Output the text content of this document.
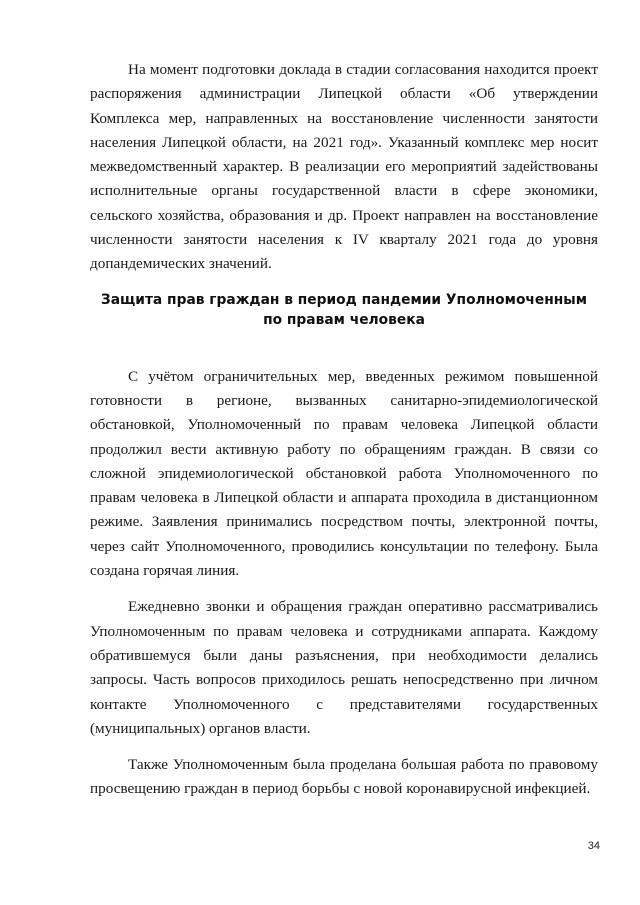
На момент подготовки доклада в стадии согласования находится проект распоряжения администрации Липецкой области «Об утверждении Комплекса мер, направленных на восстановление численности занятости населения Липецкой области, на 2021 год». Указанный комплекс мер носит межведомственный характер. В реализации его мероприятий задействованы исполнительные органы государственной власти в сфере экономики, сельского хозяйства, образования и др. Проект направлен на восстановление численности занятости населения к IV кварталу 2021 года до уровня допандемических значений.

Защита прав граждан в период пандемии Уполномоченным по правам человека

С учётом ограничительных мер, введенных режимом повышенной готовности в регионе, вызванных санитарно-эпидемиологической обстановкой, Уполномоченный по правам человека Липецкой области продолжил вести активную работу по обращениям граждан. В связи со сложной эпидемиологической обстановкой работа Уполномоченного по правам человека в Липецкой области и аппарата проходила в дистанционном режиме. Заявления принимались посредством почты, электронной почты, через сайт Уполномоченного, проводились консультации по телефону. Была создана горячая линия.

Ежедневно звонки и обращения граждан оперативно рассматривались Уполномоченным по правам человека и сотрудниками аппарата. Каждому обратившемуся были даны разъяснения, при необходимости делались запросы. Часть вопросов приходилось решать непосредственно при личном контакте Уполномоченного с представителями государственных (муниципальных) органов власти.

Также Уполномоченным была проделана большая работа по правовому просвещению граждан в период борьбы с новой коронавирусной инфекцией.

34
